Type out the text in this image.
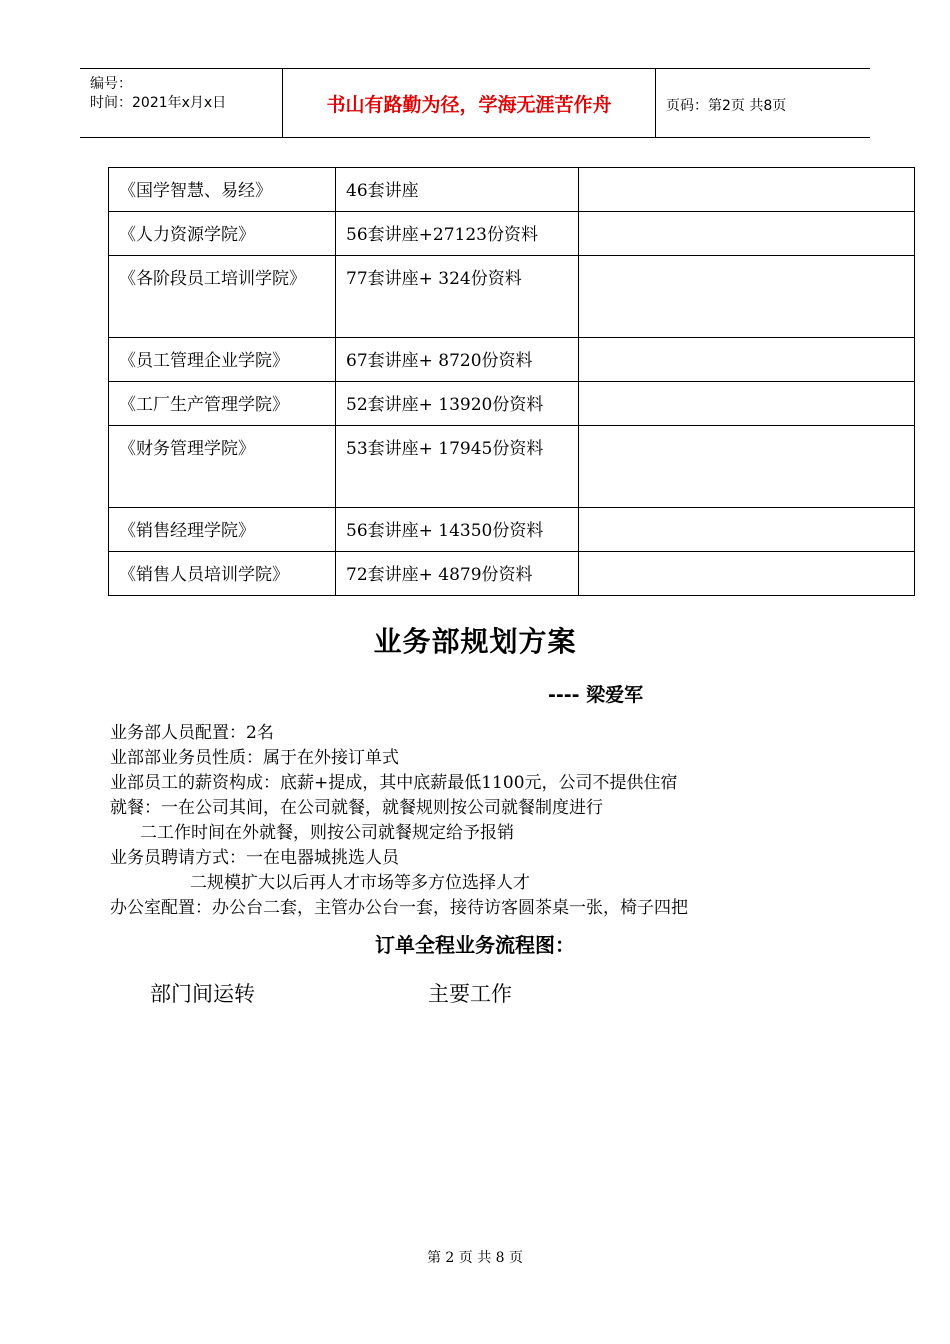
编号：
时间：2021年x月x日	书山有路勤为径，学海无涯苦作舟	页码：第2页 共8页
《国学智慧、易经》	46套讲座	
《人力资源学院》	56套讲座+27123份资料	
《各阶段员工培训学院》	77套讲座+ 324份资料	
《员工管理企业学院》	67套讲座+ 8720份资料	
《工厂生产管理学院》	52套讲座+ 13920份资料	
《财务管理学院》	53套讲座+ 17945份资料	
《销售经理学院》	56套讲座+ 14350份资料	
《销售人员培训学院》	72套讲座+ 4879份资料	
业务部规划方案
---- 梁爱军
业务部人员配置：2名
业部部业务员性质：属于在外接订单式
业部员工的薪资构成：底薪+提成，其中底薪最低1100元，公司不提供住宿
就餐：一在公司其间，在公司就餐，就餐规则按公司就餐制度进行
二工作时间在外就餐，则按公司就餐规定给予报销
业务员聘请方式：一在电器城挑选人员
二规模扩大以后再人才市场等多方位选择人才
办公室配置：办公台二套，主管办公台一套，接待访客圆茶桌一张，椅子四把
订单全程业务流程图：
部门间运转	主要工作
第 2 页 共 8 页
